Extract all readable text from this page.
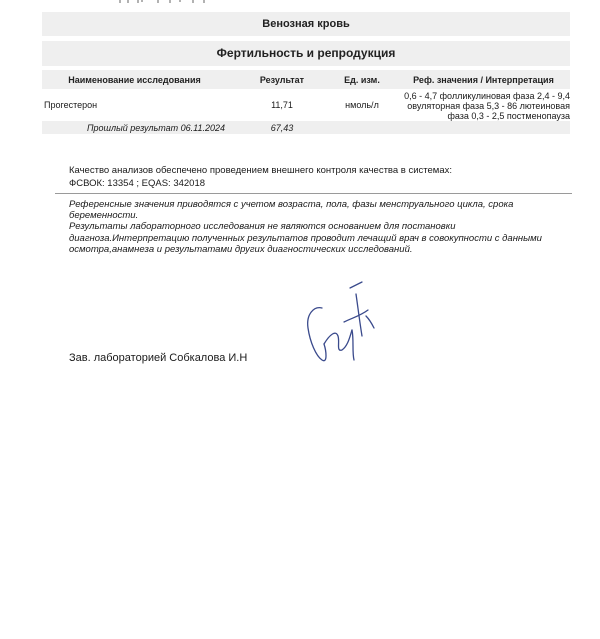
Венозная кровь
Фертильность и репродукция
Наименование исследования	Результат	Ед. изм.	Реф. значения / Интерпретация
Прогестерон	11,71	нмоль/л
0,6 - 4,7 фолликулиновая фаза 2,4 - 9,4
овуляторная фаза 5,3 - 86 лютеиновая
фаза 0,3 - 2,5 постменопауза
Прошлый результат 06.11.2024	67,43
Качество анализов обеспечено проведением внешнего контроля качества в системах:
ФСВОК: 13354 ; EQAS: 342018

Референсные значения приводятся с учетом возраста, пола, фазы менструального цикла, срока

беременности.

Результаты лабораторного исследования не являются основанием для постановки

диагноза.Интерпретацию полученных результатов проводит лечащий врач в совокупности с данными

осмотра,анамнеза и результатами других диагностических исследований.

Зав. лабораторией Собкалова И.Н
